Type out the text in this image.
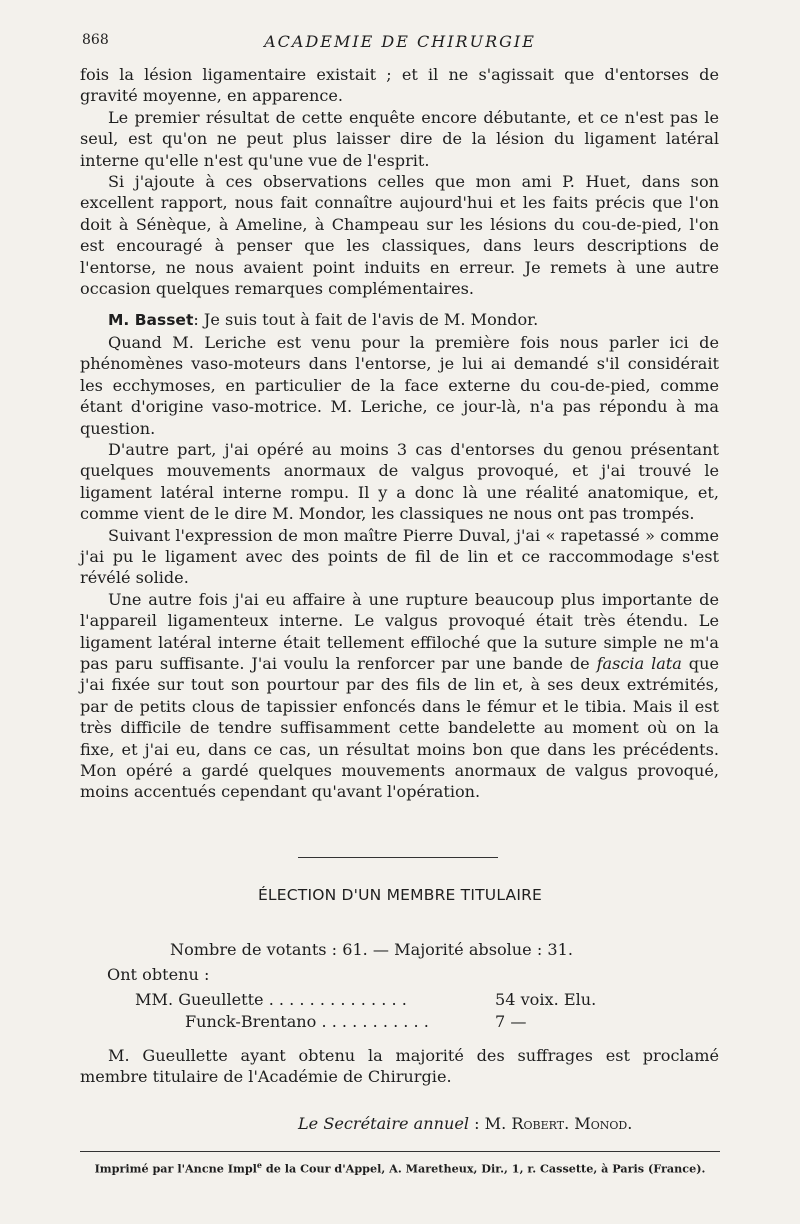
868	ACADEMIE DE CHIRURGIE

fois la lésion ligamentaire existait ; et il ne s'agissait que d'entorses de gravité moyenne, en apparence.

Le premier résultat de cette enquête encore débutante, et ce n'est pas le seul, est qu'on ne peut plus laisser dire de la lésion du ligament latéral interne qu'elle n'est qu'une vue de l'esprit.

Si j'ajoute à ces observations celles que mon ami P. Huet, dans son excellent rapport, nous fait connaître aujourd'hui et les faits précis que l'on doit à Sénèque, à Ameline, à Champeau sur les lésions du cou-de-pied, l'on est encouragé à penser que les classiques, dans leurs descriptions de l'entorse, ne nous avaient point induits en erreur. Je remets à une autre occasion quelques remarques complémentaires.

M. Basset: Je suis tout à fait de l'avis de M. Mondor.

Quand M. Leriche est venu pour la première fois nous parler ici de phénomènes vaso-moteurs dans l'entorse, je lui ai demandé s'il considérait les ecchymoses, en particulier de la face externe du cou-de-pied, comme étant d'origine vaso-motrice. M. Leriche, ce jour-là, n'a pas répondu à ma question.

D'autre part, j'ai opéré au moins 3 cas d'entorses du genou présentant quelques mouvements anormaux de valgus provoqué, et j'ai trouvé le ligament latéral interne rompu. Il y a donc là une réalité anatomique, et, comme vient de le dire M. Mondor, les classiques ne nous ont pas trompés.

Suivant l'expression de mon maître Pierre Duval, j'ai « rapetassé » comme j'ai pu le ligament avec des points de fil de lin et ce raccommodage s'est révélé solide.

Une autre fois j'ai eu affaire à une rupture beaucoup plus importante de l'appareil ligamenteux interne. Le valgus provoqué était très étendu. Le ligament latéral interne était tellement effiloché que la suture simple ne m'a pas paru suffisante. J'ai voulu la renforcer par une bande de fascia lata que j'ai fixée sur tout son pourtour par des fils de lin et, à ses deux extrémités, par de petits clous de tapissier enfoncés dans le fémur et le tibia. Mais il est très difficile de tendre suffisamment cette bandelette au moment où on la fixe, et j'ai eu, dans ce cas, un résultat moins bon que dans les précédents. Mon opéré a gardé quelques mouvements anormaux de valgus provoqué, moins accentués cependant qu'avant l'opération.

ÉLECTION D'UN MEMBRE TITULAIRE
Nombre de votants : 61. — Majorité absolue : 31.
Ont obtenu :
MM. Gueullette . . . . . . . . . . . . . .	54 voix. Elu.
Funck-Brentano . . . . . . . . . . .	7 —

M. Gueullette ayant obtenu la majorité des suffrages est proclamé membre titulaire de l'Académie de Chirurgie.

Le Secrétaire annuel : M. Robert. Monod.
Imprimé par l'Ancne Impl$^e$ de la Cour d'Appel, A. Maretheux, Dir., 1, r. Cassette, à Paris (France).
